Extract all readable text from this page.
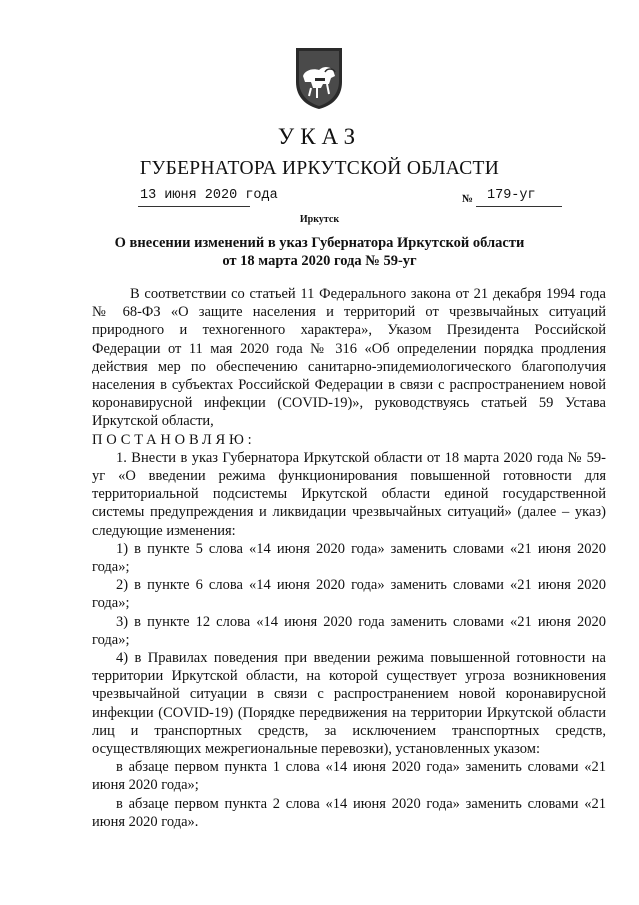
УКАЗ
ГУБЕРНАТОРА ИРКУТСКОЙ ОБЛАСТИ
13 июня 2020 года	№ 179-уг
Иркутск
О внесении изменений в указ Губернатора Иркутской области
от 18 марта 2020 года № 59-уг

В соответствии со статьей 11 Федерального закона от 21 декабря 1994 года № 68-ФЗ «О защите населения и территорий от чрезвычайных ситуаций природного и техногенного характера», Указом Президента Российской Федерации от 11 мая 2020 года № 316 «Об определении порядка продления действия мер по обеспечению санитарно-эпидемиологического благополучия населения в субъектах Российской Федерации в связи с распространением новой коронавирусной инфекции (COVID-19)», руководствуясь статьей 59 Устава Иркутской области,

ПОСТАНОВЛЯЮ:

1. Внести в указ Губернатора Иркутской области от 18 марта 2020 года № 59-уг «О введении режима функционирования повышенной готовности для территориальной подсистемы Иркутской области единой государственной системы предупреждения и ликвидации чрезвычайных ситуаций» (далее – указ) следующие изменения:

1) в пункте 5 слова «14 июня 2020 года» заменить словами «21 июня 2020 года»;

2) в пункте 6 слова «14 июня 2020 года» заменить словами «21 июня 2020 года»;

3) в пункте 12 слова «14 июня 2020 года заменить словами «21 июня 2020 года»;

4) в Правилах поведения при введении режима повышенной готовности на территории Иркутской области, на которой существует угроза возникновения чрезвычайной ситуации в связи с распространением новой коронавирусной инфекции (COVID-19) (Порядке передвижения на территории Иркутской области лиц и транспортных средств, за исключением транспортных средств, осуществляющих межрегиональные перевозки), установленных указом:

в абзаце первом пункта 1 слова «14 июня 2020 года» заменить словами «21 июня 2020 года»;

в абзаце первом пункта 2 слова «14 июня 2020 года» заменить словами «21 июня 2020 года».
